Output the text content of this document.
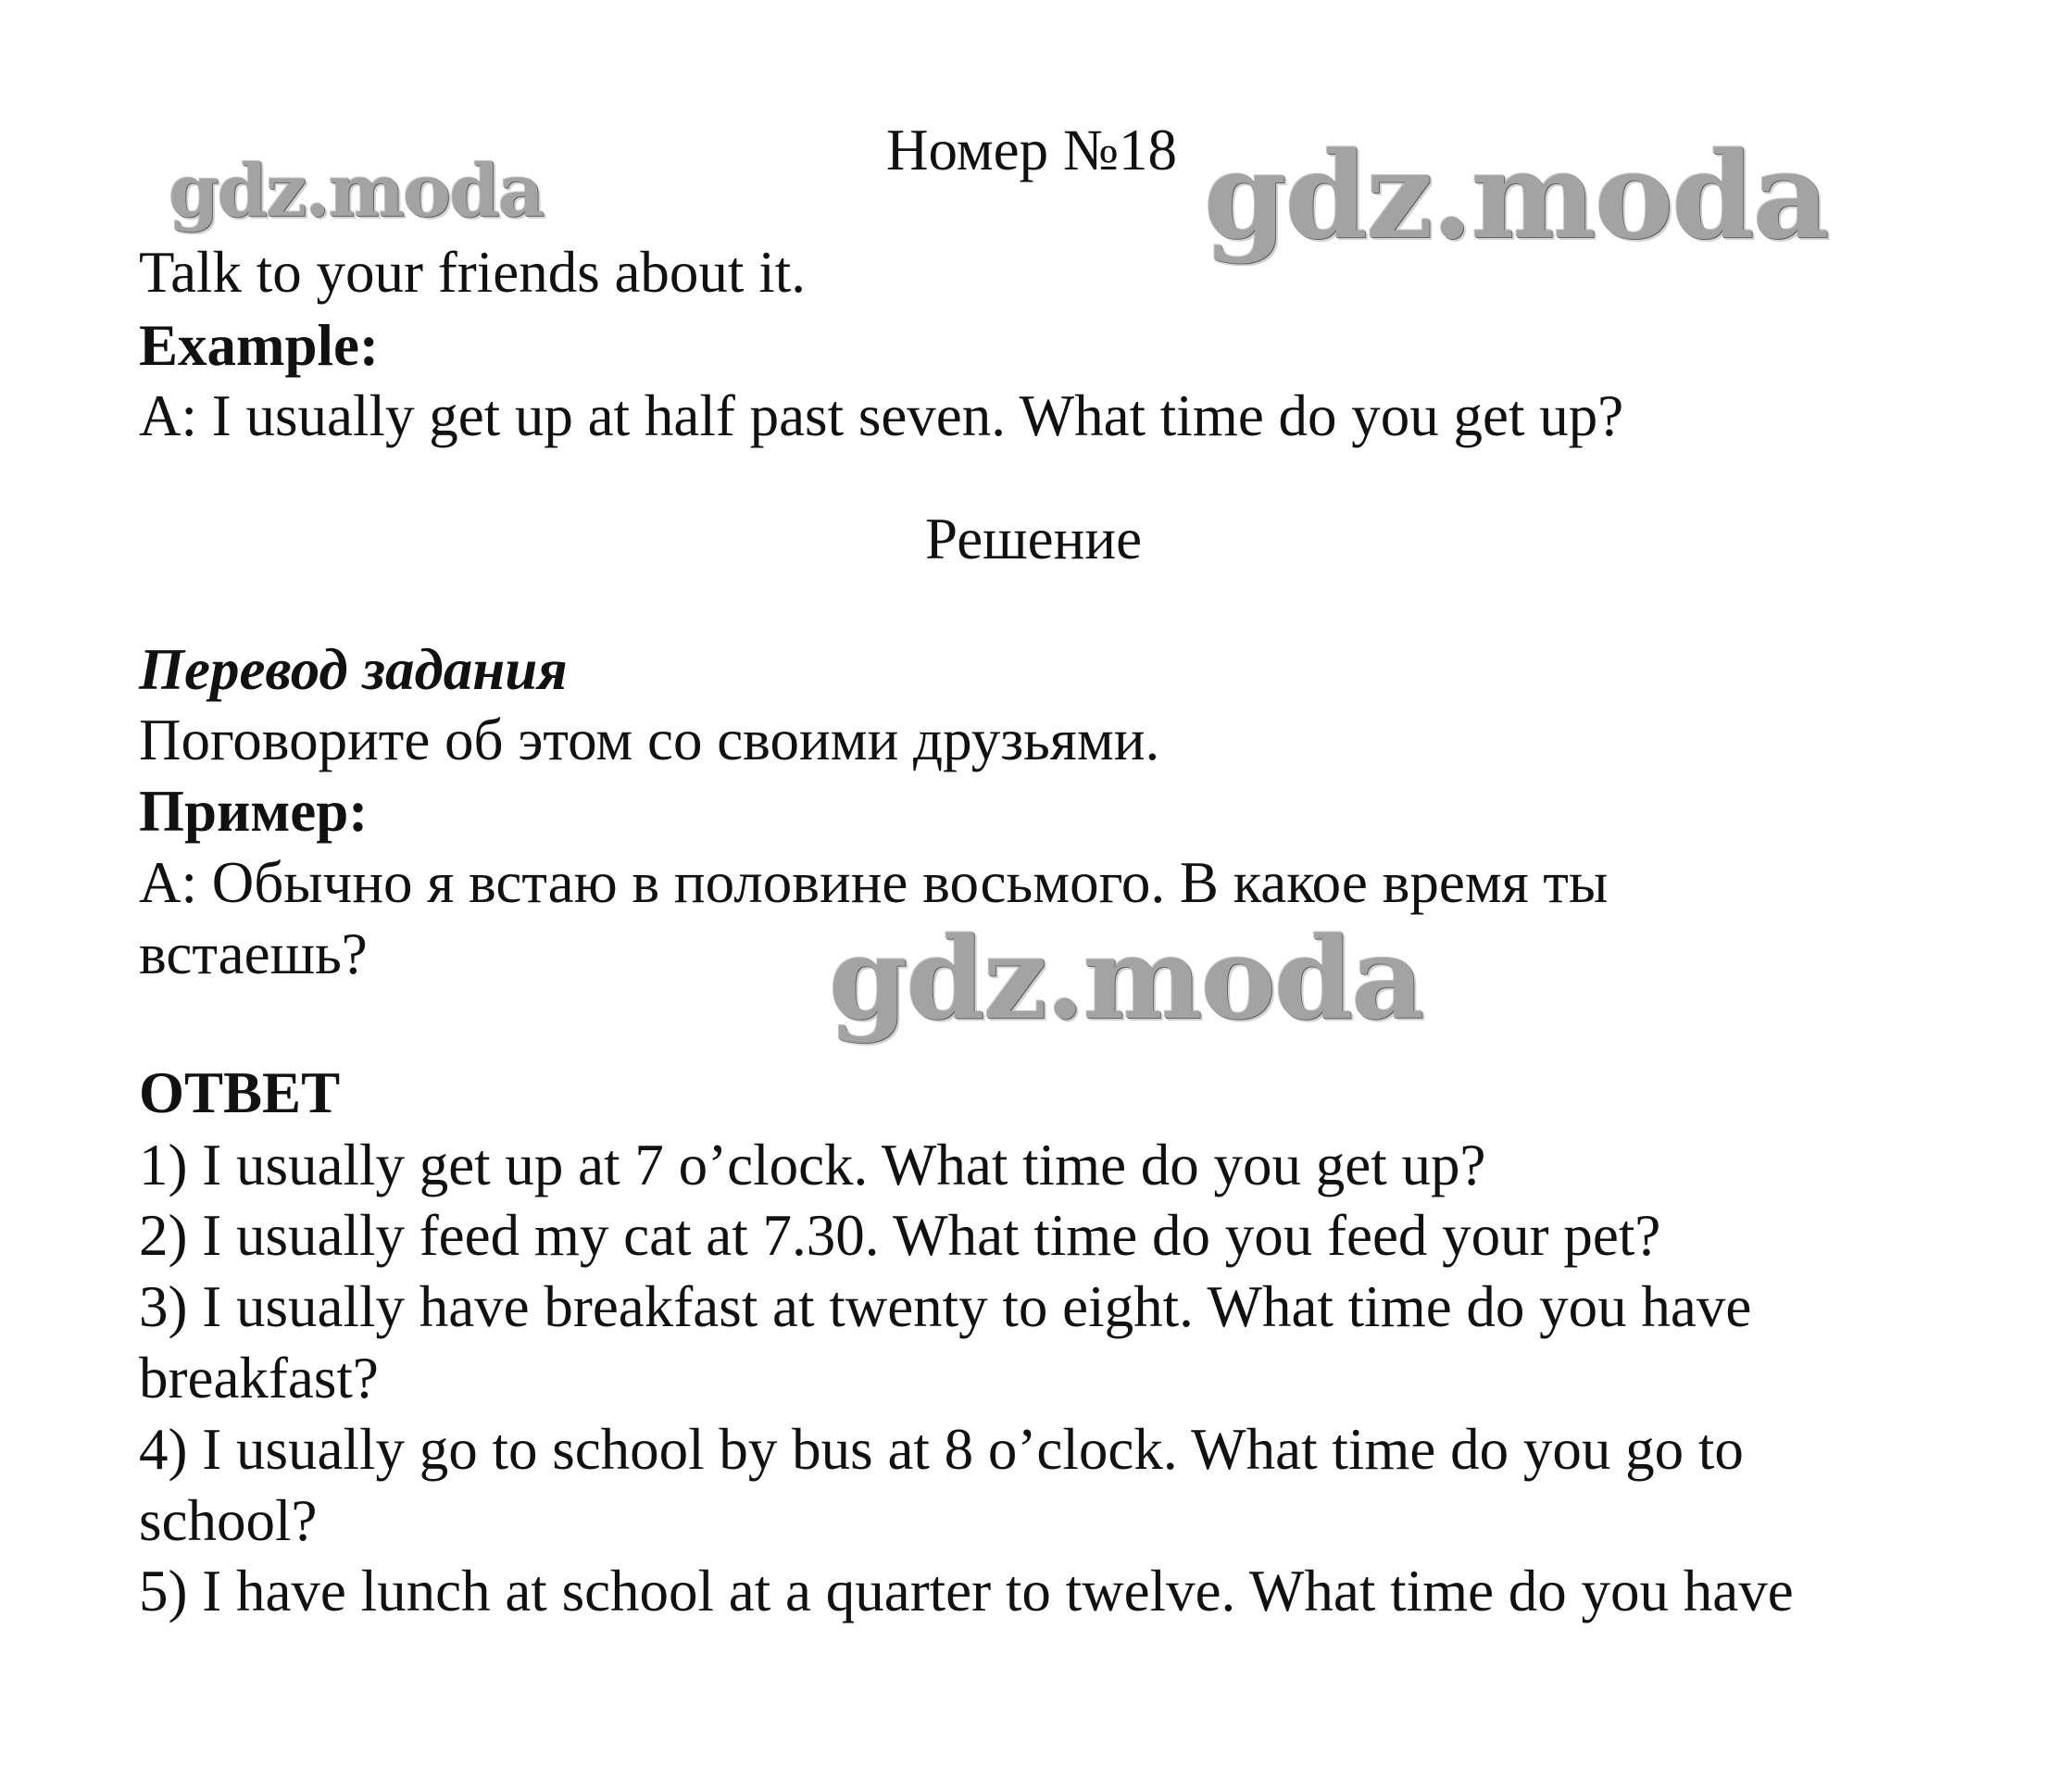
gdz.moda	gdz.moda
gdz.moda
Номер №18
Talk to your friends about it.
Example:
A: I usually get up at half past seven. What time do you get up?
Решение
Перевод задания
Поговорите об этом со своими друзьями.
Пример:
А: Обычно я встаю в половине восьмого. В какое время ты
встаешь?
ОТВЕТ
1) I usually get up at 7 o’clock. What time do you get up?
2) I usually feed my cat at 7.30. What time do you feed your pet?
3) I usually have breakfast at twenty to eight. What time do you have
breakfast?
4) I usually go to school by bus at 8 o’clock. What time do you go to
school?
5) I have lunch at school at a quarter to twelve. What time do you have
